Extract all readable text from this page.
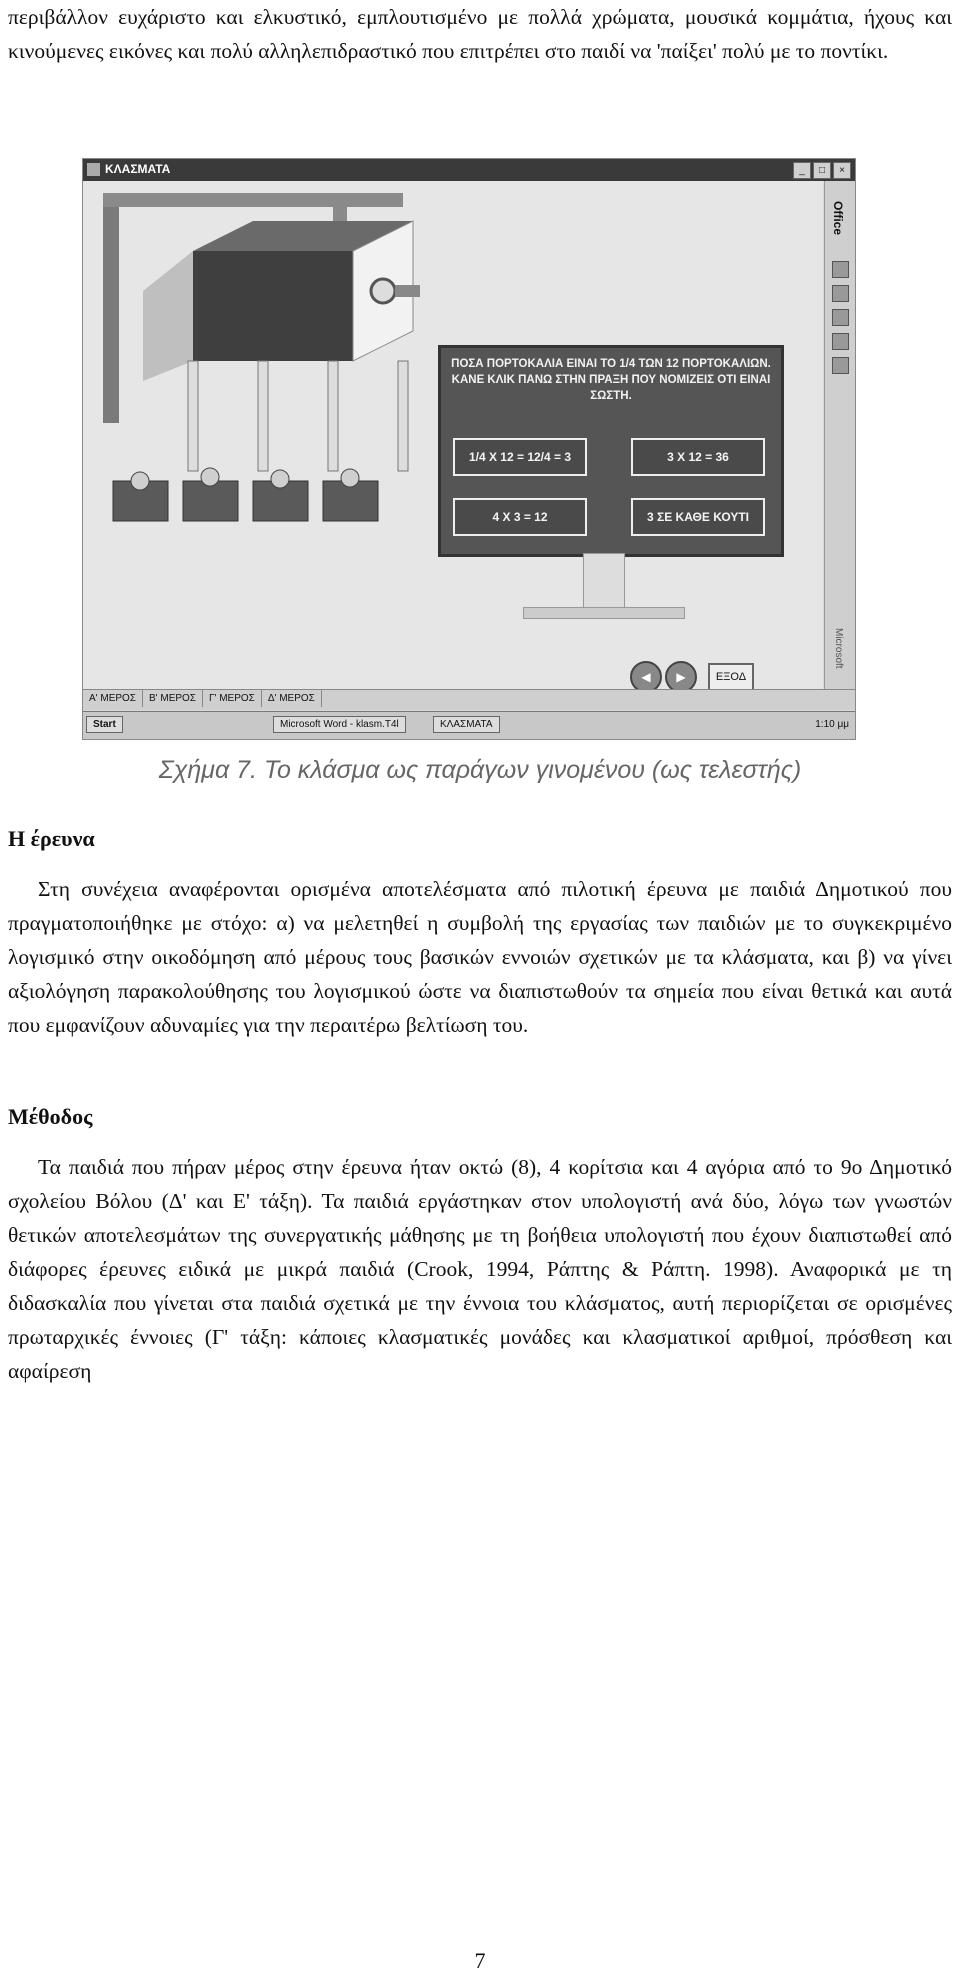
περιβάλλον ευχάριστο και ελκυστικό, εμπλουτισμένο με πολλά χρώματα, μουσικά κομμάτια, ήχους και κινούμενες εικόνες και πολύ αλληλεπιδραστικό που επιτρέπει στο παιδί να 'παίξει' πολύ με το ποντίκι.

ΚΛΑΣΜΑΤΑ	_	□	×
ΠΟΣΑ ΠΟΡΤΟΚΑΛΙΑ ΕΙΝΑΙ ΤΟ 1/4 ΤΩΝ 12 ΠΟΡΤΟΚΑΛΙΩΝ. ΚΑΝΕ ΚΛΙΚ ΠΑΝΩ ΣΤΗΝ ΠΡΑΞΗ ΠΟΥ ΝΟΜΙΖΕΙΣ ΟΤΙ ΕΙΝΑΙ ΣΩΣΤΗ.
1/4 X 12 = 12/4 = 3	3 X 12 = 36
4 X 3 = 12	3 ΣΕ ΚΑΘΕ ΚΟΥΤΙ
◀	▶	ΕΞΟΔ
Office
Microsoft
Α' ΜΕΡΟΣ Β' ΜΕΡΟΣ Γ' ΜΕΡΟΣ Δ' ΜΕΡΟΣ
Start	Microsoft Word - klasm.T4l	ΚΛΑΣΜΑΤΑ	1:10 μμ
Σχήμα 7. Το κλάσμα ως παράγων γινομένου (ως τελεστής)
Η έρευνα

Στη συνέχεια αναφέρονται ορισμένα αποτελέσματα από πιλοτική έρευνα με παιδιά Δημοτικού που πραγματοποιήθηκε με στόχο: α) να μελετηθεί η συμβολή της εργασίας των παιδιών με το συγκεκριμένο λογισμικό στην οικοδόμηση από μέρους τους βασικών εννοιών σχετικών με τα κλάσματα, και β) να γίνει αξιολόγηση παρακολούθησης του λογισμικού ώστε να διαπιστωθούν τα σημεία που είναι θετικά και αυτά που εμφανίζουν αδυναμίες για την περαιτέρω βελτίωση του.

Μέθοδος

Τα παιδιά που πήραν μέρος στην έρευνα ήταν οκτώ (8), 4 κορίτσια και 4 αγόρια από το 9ο Δημοτικό σχολείου Βόλου (Δ' και Ε' τάξη). Τα παιδιά εργάστηκαν στον υπολογιστή ανά δύο, λόγω των γνωστών θετικών αποτελεσμάτων της συνεργατικής μάθησης με τη βοήθεια υπολογιστή που έχουν διαπιστωθεί από διάφορες έρευνες ειδικά με μικρά παιδιά (Crook, 1994, Ράπτης & Ράπτη. 1998). Αναφορικά με τη διδασκαλία που γίνεται στα παιδιά σχετικά με την έννοια του κλάσματος, αυτή περιορίζεται σε ορισμένες πρωταρχικές έννοιες (Γ' τάξη: κάποιες κλασματικές μονάδες και κλασματικοί αριθμοί, πρόσθεση και αφαίρεση

7
